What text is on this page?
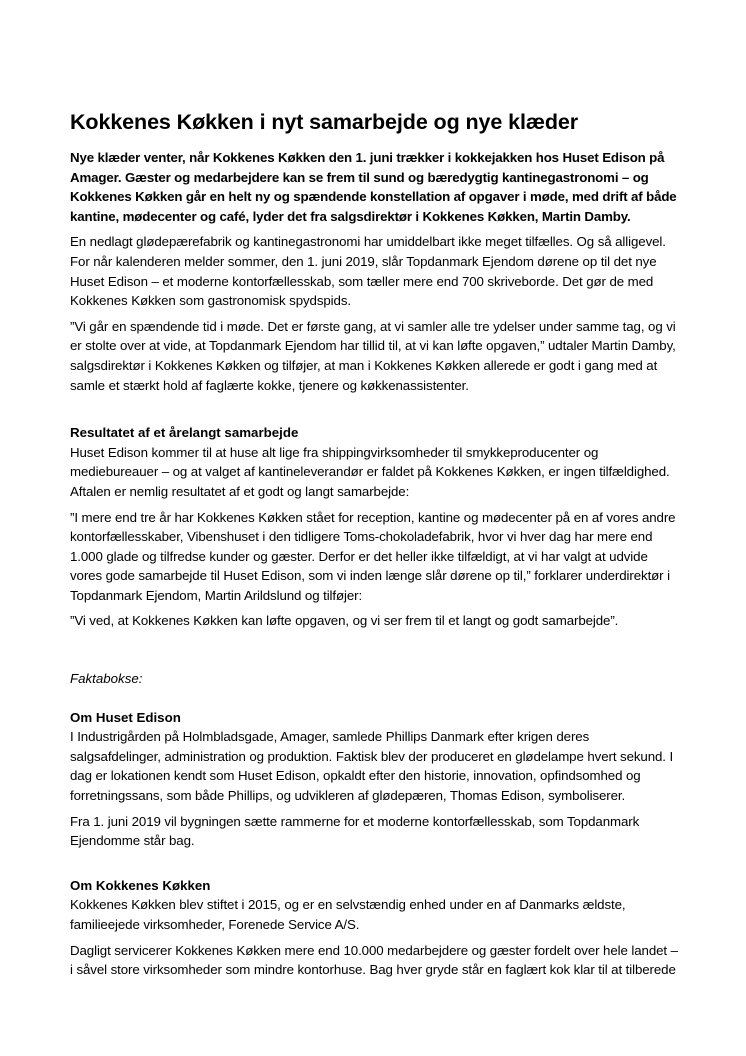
Kokkenes Køkken i nyt samarbejde og nye klæder

Nye klæder venter, når Kokkenes Køkken den 1. juni trækker i kokkejakken hos Huset Edison på Amager. Gæster og medarbejdere kan se frem til sund og bæredygtig kantinegastronomi – og Kokkenes Køkken går en helt ny og spændende konstellation af opgaver i møde, med drift af både kantine, mødecenter og café, lyder det fra salgsdirektør i Kokkenes Køkken, Martin Damby.

En nedlagt glødepærefabrik og kantinegastronomi har umiddelbart ikke meget tilfælles. Og så alligevel. For når kalenderen melder sommer, den 1. juni 2019, slår Topdanmark Ejendom dørene op til det nye Huset Edison – et moderne kontorfællesskab, som tæller mere end 700 skriveborde. Det gør de med Kokkenes Køkken som gastronomisk spydspids.

”Vi går en spændende tid i møde. Det er første gang, at vi samler alle tre ydelser under samme tag, og vi er stolte over at vide, at Topdanmark Ejendom har tillid til, at vi kan løfte opgaven,” udtaler Martin Damby, salgsdirektør i Kokkenes Køkken og tilføjer, at man i Kokkenes Køkken allerede er godt i gang med at samle et stærkt hold af faglærte kokke, tjenere og køkkenassistenter.

Resultatet af et årelangt samarbejde

Huset Edison kommer til at huse alt lige fra shippingvirksomheder til smykkeproducenter og mediebureauer – og at valget af kantineleverandør er faldet på Kokkenes Køkken, er ingen tilfældighed. Aftalen er nemlig resultatet af et godt og langt samarbejde:

”I mere end tre år har Kokkenes Køkken stået for reception, kantine og mødecenter på en af vores andre kontorfællesskaber, Vibenshuset i den tidligere Toms-chokoladefabrik, hvor vi hver dag har mere end 1.000 glade og tilfredse kunder og gæster. Derfor er det heller ikke tilfældigt, at vi har valgt at udvide vores gode samarbejde til Huset Edison, som vi inden længe slår dørene op til,” forklarer underdirektør i Topdanmark Ejendom, Martin Arildslund og tilføjer:

”Vi ved, at Kokkenes Køkken kan løfte opgaven, og vi ser frem til et langt og godt samarbejde”.

Faktabokse:

Om Huset Edison

I Industrigården på Holmbladsgade, Amager, samlede Phillips Danmark efter krigen deres salgsafdelinger, administration og produktion. Faktisk blev der produceret en glødelampe hvert sekund. I dag er lokationen kendt som Huset Edison, opkaldt efter den historie, innovation, opfindsomhed og forretningssans, som både Phillips, og udvikleren af glødepæren, Thomas Edison, symboliserer.

Fra 1. juni 2019 vil bygningen sætte rammerne for et moderne kontorfællesskab, som Topdanmark Ejendomme står bag.

Om Kokkenes Køkken

Kokkenes Køkken blev stiftet i 2015, og er en selvstændig enhed under en af Danmarks ældste, familieejede virksomheder, Forenede Service A/S.

Dagligt servicerer Kokkenes Køkken mere end 10.000 medarbejdere og gæster fordelt over hele landet – i såvel store virksomheder som mindre kontorhuse. Bag hver gryde står en faglært kok klar til at tilberede
